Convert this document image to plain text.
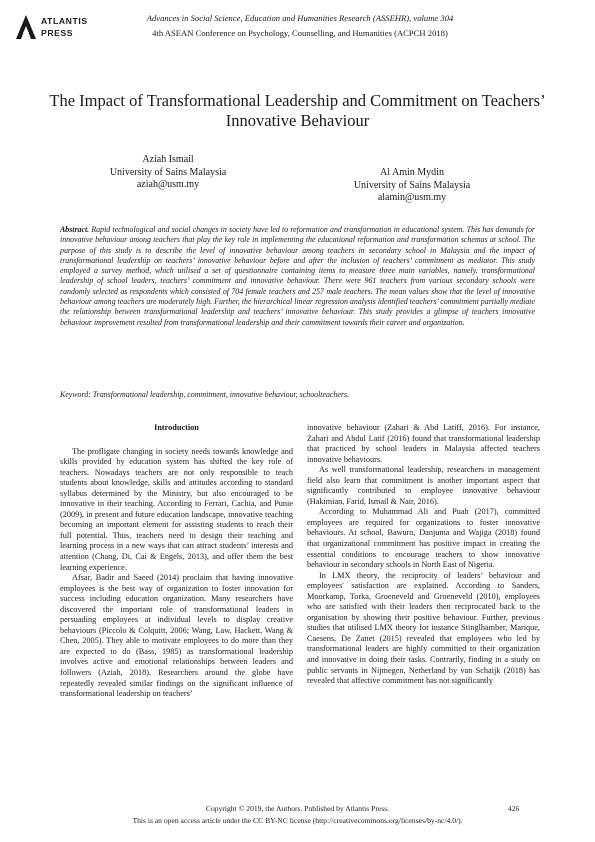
ATLANTIS
PRESS
Advances in Social Science, Education and Humanities Research (ASSEHR), volume 304
4th ASEAN Conference on Psychology, Counselling, and Humanities (ACPCH 2018)
The Impact of Transformational Leadership and Commitment on Teachers’ Innovative Behaviour
Aziah Ismail
University of Sains Malaysia
aziah@usm.my
Al Amin Mydin
University of Sains Malaysia
alamin@usm.my
Abstract. Rapid technological and social changes in society have led to reformation and transformation in educational system. This has demands for innovative behaviour among teachers that play the key role in implementing the educational reformation and transformation schemas at school. The purpose of this study is to describe the level of innovative behaviour among teachers in secondary school in Malaysia and the impact of transformational leadership on teachers’ innovative behaviour before and after the inclusion of teachers’ commitment as mediator. This study employed a survey method, which utilised a set of questionnaire containing items to measure three main variables, namely. transformational leadership of school leaders, teachers’ commitment and innovative behaviour. There were 961 teachers from various secondary schools were randomly selected as respondents which consisted of 704 female teachers and 257 male teachers. The mean values show that the level of innovative behaviour among teachers are moderately high. Further, the hierarchical linear regression analysis identified teachers’ commitment partially mediate the relationship between transformational leadership and teachers’ innovative behaviour. This study provides a glimpse of teachers innovative behaviour improvement resulted from transformational leadership and their commitment towards their career and organization.
Keyword: Transformational leadership, commitment, innovative behaviour, schoolteachers.
Introduction

The profligate changing in society needs towards knowledge and skills provided by education system has shifted the key role of teachers. Nowadays teachers are not only responsible to teach students about knowledge, skills and attitudes according to standard syllabus determined by the Ministry, but also encouraged to be innovative in their teaching. According to Ferrari, Cachia, and Punie (2009), in present and future education landscape, innovative teaching becoming an important element for assisting students to reach their full potential. Thus, teachers need to design their teaching and learning process in a new ways that can attract students’ interests and attention (Chang, Di, Cai & Engels, 2013), and offer them the best learning experience.

Afsar, Badir and Saeed (2014) proclaim that having innovative employees is the best way of organization to foster innovation for success including education organization. Many researchers have discovered the important role of transformational leaders in persuading employees at individual levels to display creative behaviours (Piccolo & Colquitt, 2006; Wang, Law, Hackett, Wang & Chen, 2005). They able to motivate employees to do more than they are expected to do (Bass, 1985) as transformational leadership involves active and emotional relationships between leaders and followers (Aziah, 2018). Researchers around the globe have repeatedly revealed similar findings on the significant influence of transformational leadership on teachers’

innovative behaviour (Zahari & Abd Latiff, 2016). For instance, Zahari and Abdul Latif (2016) found that transformational leadership that practiced by school leaders in Malaysia affected teachers innovative behaviours.

As well transformational leadership, researchers in management field also learn that commitment is another important aspect that significantly contributed to employee innovative behaviour (Hakimian, Farid, Ismail & Nair, 2016).

According to Muhammad Ali and Puah (2017), committed employees are required for organizations to foster innovative behaviours. At school, Bawuro, Danjuma and Wajiga (2018) found that organizational commitment has positive impact in creating the essential conditions to encourage teachers to show innovative behaviour in secondary schools in North East of Nigeria.

In LMX theory, the reciprocity of leaders’ behaviour and employees' satisfaction are explained. According to Sanders, Moorkamp, Torka, Groeneveld and Groeneveld (2010), employees who are satisfied with their leaders then reciprocated back to the organisation by showing their positive behaviour. Further, previous studies that utilised LMX theory for instance Stinglhamber, Marique, Caesens, De Zanet (2015) revealed that employees who led by transformational leaders are highly committed to their organization and innovative in doing their tasks. Contrarily, finding in a study on public servants in Nijmegen, Netherland by van Schaijk (2018) has revealed that affective commitment has not significantly

Copyright © 2019, the Authors. Published by Atlantis Press.	426
This is an open access article under the CC BY-NC license (http://creativecommons.org/licenses/by-nc/4.0/).
